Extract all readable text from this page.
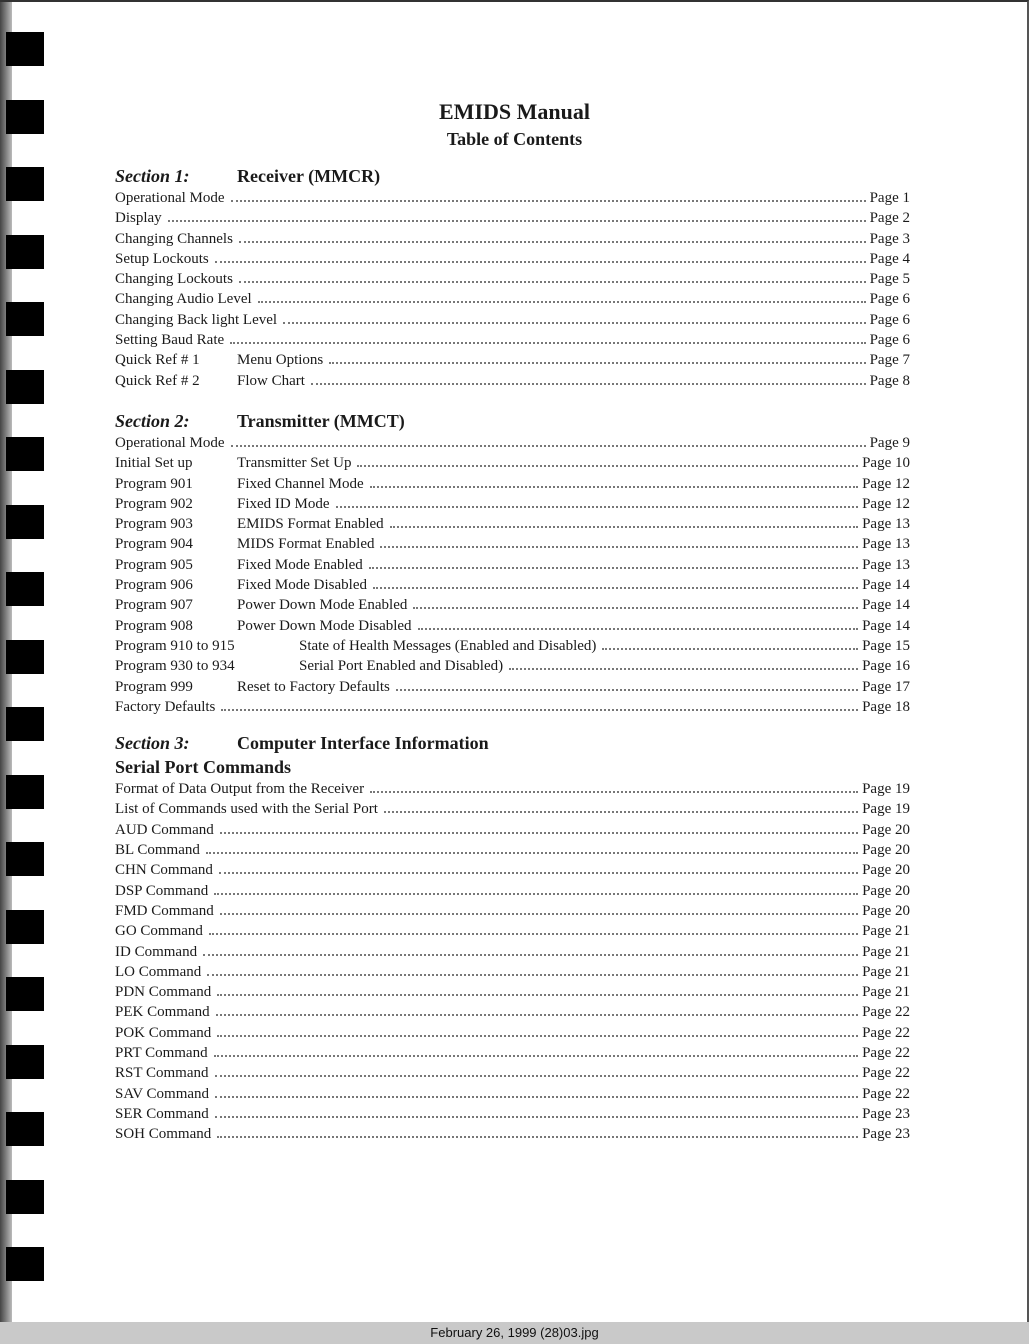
EMIDS Manual
Table of Contents
Section 1:	Receiver (MMCR)
Operational Mode	Page 1
Display	Page 2
Changing Channels	Page 3
Setup Lockouts	Page 4
Changing Lockouts	Page 5
Changing Audio Level	Page 6
Changing Back light Level	Page 6
Setting Baud Rate	Page 6
Quick Ref # 1	Menu Options	Page 7
Quick Ref # 2	Flow Chart	Page 8
Section 2:	Transmitter (MMCT)
Operational Mode	Page 9
Initial Set up	Transmitter Set Up	Page 10
Program 901	Fixed Channel Mode	Page 12
Program 902	Fixed ID Mode	Page 12
Program 903	EMIDS Format Enabled	Page 13
Program 904	MIDS Format Enabled	Page 13
Program 905	Fixed Mode Enabled	Page 13
Program 906	Fixed Mode Disabled	Page 14
Program 907	Power Down Mode Enabled	Page 14
Program 908	Power Down Mode Disabled	Page 14
Program 910 to 915	State of Health Messages (Enabled and Disabled)	Page 15
Program 930 to 934	Serial Port Enabled and Disabled)	Page 16
Program 999	Reset to Factory Defaults	Page 17
Factory Defaults	Page 18
Section 3:	Computer Interface Information
Serial Port Commands
Format of Data Output from the Receiver	Page 19
List of Commands used with the Serial Port	Page 19
AUD Command	Page 20
BL Command	Page 20
CHN Command	Page 20
DSP Command	Page 20
FMD Command	Page 20
GO Command	Page 21
ID Command	Page 21
LO Command	Page 21
PDN Command	Page 21
PEK Command	Page 22
POK Command	Page 22
PRT Command	Page 22
RST Command	Page 22
SAV Command	Page 22
SER Command	Page 23
SOH Command	Page 23
February 26, 1999 (28)03.jpg
